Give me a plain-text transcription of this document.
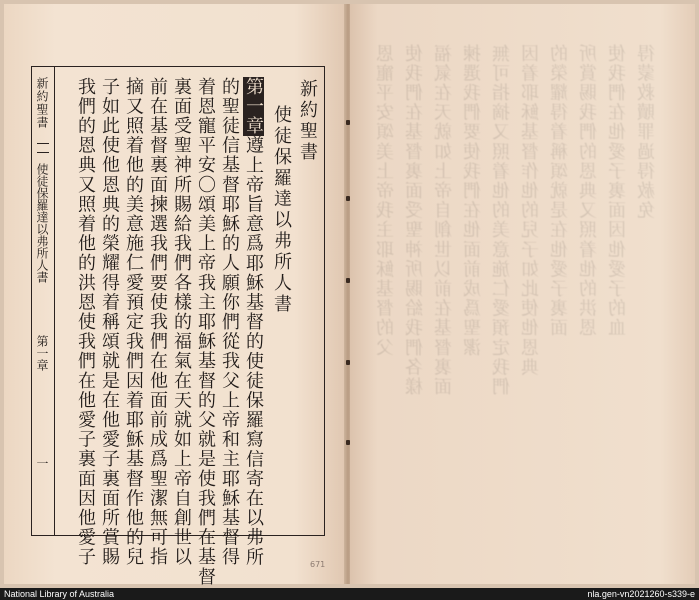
新約聖書
使徒保羅達以弗所人書
第一章
一
新約聖書
使徒保羅達以弗所人書
第一章遵上帝旨意爲耶穌基督的使徒保羅寫信寄在以弗所
的聖徒信基督耶穌的人願你們從我父上帝和主耶穌基督得
着恩寵平安〇頌美上帝我主耶穌基督的父就是使我們在基督
裏面受聖神所賜給我們各樣的福氣在天就如上帝自創世以
前在基督裏面揀選我們要使我們在他面前成爲聖潔無可指
摘又照着他的美意施仁愛預定我們因着耶穌基督作他的兒
子如此使他恩典的榮耀得着稱頌就是在他愛子裏面所賞賜
我們的恩典又照着他的洪恩使我們在他愛子裏面因他愛子	恩寵平安頌美上帝我主耶穌基督的父 使我們在基督裏面受聖神所賜給我們各樣 福氣在天就如上帝自創世以前在基督裏面 揀選我們要使我們在他面前成爲聖潔 無可指摘又照着他的美意施仁愛預定我們 因着耶穌基督作他的兒子如此使他恩典 的榮耀得着稱頌就是在他愛子裏面 所賞賜我們的恩典又照着他的洪恩 使我們在他愛子裏面因他愛子的血 得蒙救贖罪過得赦免
671
National Library of Australia	nla.gen-vn2021260-s339-e
